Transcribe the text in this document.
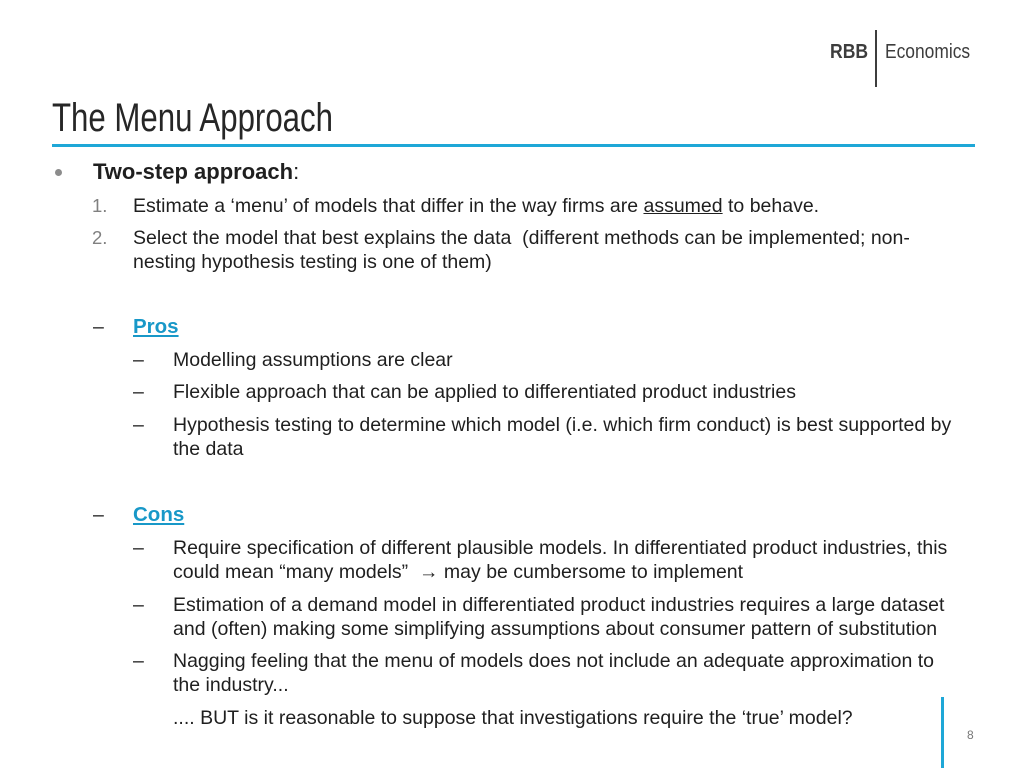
RBB Economics
The Menu Approach
Two-step approach:
1. Estimate a ‘menu’ of models that differ in the way firms are assumed to behave.
2. Select the model that best explains the data  (different methods can be implemented; non-
nesting hypothesis testing is one of them)
– Pros
– Modelling assumptions are clear
– Flexible approach that can be applied to differentiated product industries
– Hypothesis testing to determine which model (i.e. which firm conduct) is best supported by
the data
– Cons
– Require specification of different plausible models. In differentiated product industries, this
could mean “many models”  → may be cumbersome to implement
– Estimation of a demand model in differentiated product industries requires a large dataset
and (often) making some simplifying assumptions about consumer pattern of substitution
– Nagging feeling that the menu of models does not include an adequate approximation to
the industry...
.... BUT is it reasonable to suppose that investigations require the ‘true’ model?
8
